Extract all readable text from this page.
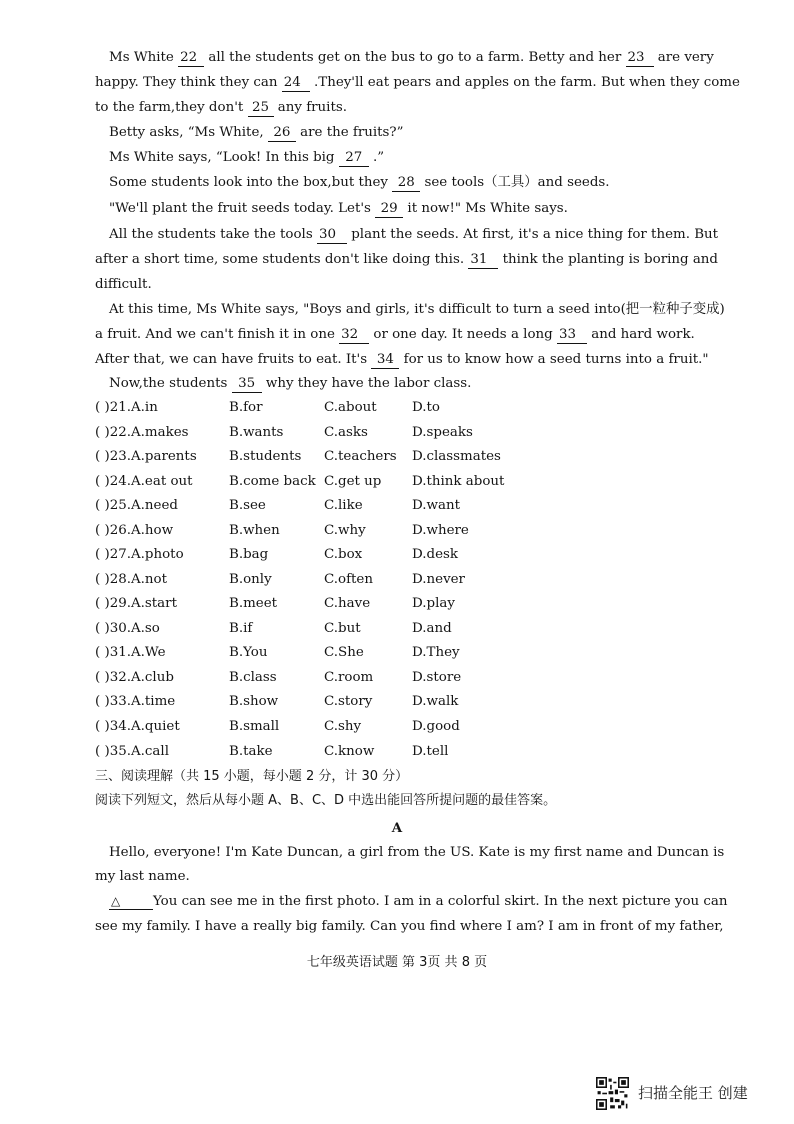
Ms White 22 all the students get on the bus to go to a farm. Betty and her 23 are very
happy. They think they can 24 .They'll eat pears and apples on the farm. But when they come
to the farm,they don't 25 any fruits.
Betty asks, “Ms White, 26 are the fruits?”
Ms White says, “Look! In this big 27 .”
Some students look into the box,but they 28 see tools（工具）and seeds.
"We'll plant the fruit seeds today. Let's 29 it now!" Ms White says.
All the students take the tools 30 plant the seeds. At first, it's a nice thing for them. But
after a short time, some students don't like doing this. 31 think the planting is boring and
difficult.
At this time, Ms White says, "Boys and girls, it's difficult to turn a seed into(把一粒种子变成)
a fruit. And we can't finish it in one 32 or one day. It needs a long 33 and hard work.
After that, we can have fruits to eat. It's 34 for us to know how a seed turns into a fruit."
Now,the students 35 why they have the labor class.
( )21.A.in	B.for	C.about	D.to
( )22.A.makes	B.wants	C.asks	D.speaks
( )23.A.parents B.students C.teachers D.classmates
( )24.A.eat out	B.come back C.get up D.think about
( )25.A.need	B.see	C.like	D.want
( )26.A.how	B.when	C.why	D.where
( )27.A.photo	B.bag	C.box	D.desk
( )28.A.not	B.only	C.often	D.never
( )29.A.start	B.meet	C.have	D.play
( )30.A.so	B.if	C.but	D.and
( )31.A.We	B.You	C.She	D.They
( )32.A.club	B.class	C.room	D.store
( )33.A.time	B.show	C.story	D.walk
( )34.A.quiet	B.small	C.shy	D.good
( )35.A.call	B.take	C.know	D.tell
三、阅读理解（共 15 小题，每小题 2 分，计 30 分）
阅读下列短文，然后从每小题 A、B、C、D 中选出能回答所提问题的最佳答案。
A
Hello, everyone! I'm Kate Duncan, a girl from the US. Kate is my first name and Duncan is
my last name.
△ You can see me in the first photo. I am in a colorful skirt. In the next picture you can
see my family. I have a really big family. Can you find where I am? I am in front of my father,
七年级英语试题 第 3页 共 8 页
扫描全能王 创建
